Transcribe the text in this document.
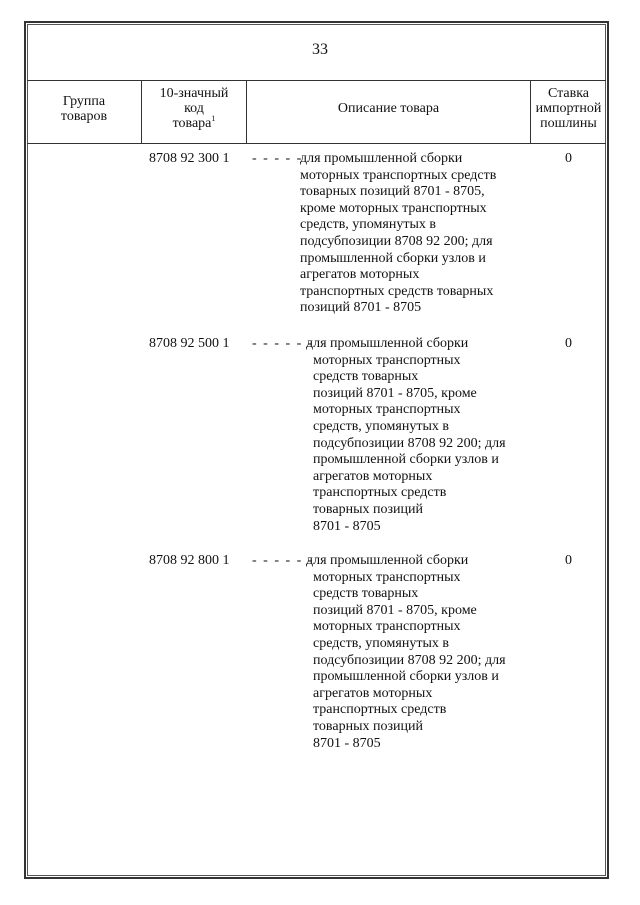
33
Группа
товаров
10-значный
код
товара$^1$
Описание товара
Ставка
импортной
пошлины
8708 92 300 1 - - - - -
для промышленной сборки
моторных транспортных средств
товарных позиций 8701 - 8705,
кроме моторных транспортных
средств, упомянутых в
подсубпозиции 8708 92 200; для
промышленной сборки узлов и
агрегатов моторных
транспортных средств товарных
позиций 8701 - 8705
0
8708 92 500 1 - - - - - -
для промышленной сборки
моторных транспортных
средств товарных
позиций 8701 - 8705, кроме
моторных транспортных
средств, упомянутых в
подсубпозиции 8708 92 200; для
промышленной сборки узлов и
агрегатов моторных
транспортных средств
товарных позиций
8701 - 8705
0
8708 92 800 1 - - - - - -
для промышленной сборки
моторных транспортных
средств товарных
позиций 8701 - 8705, кроме
моторных транспортных
средств, упомянутых в
подсубпозиции 8708 92 200; для
промышленной сборки узлов и
агрегатов моторных
транспортных средств
товарных позиций
8701 - 8705
0
